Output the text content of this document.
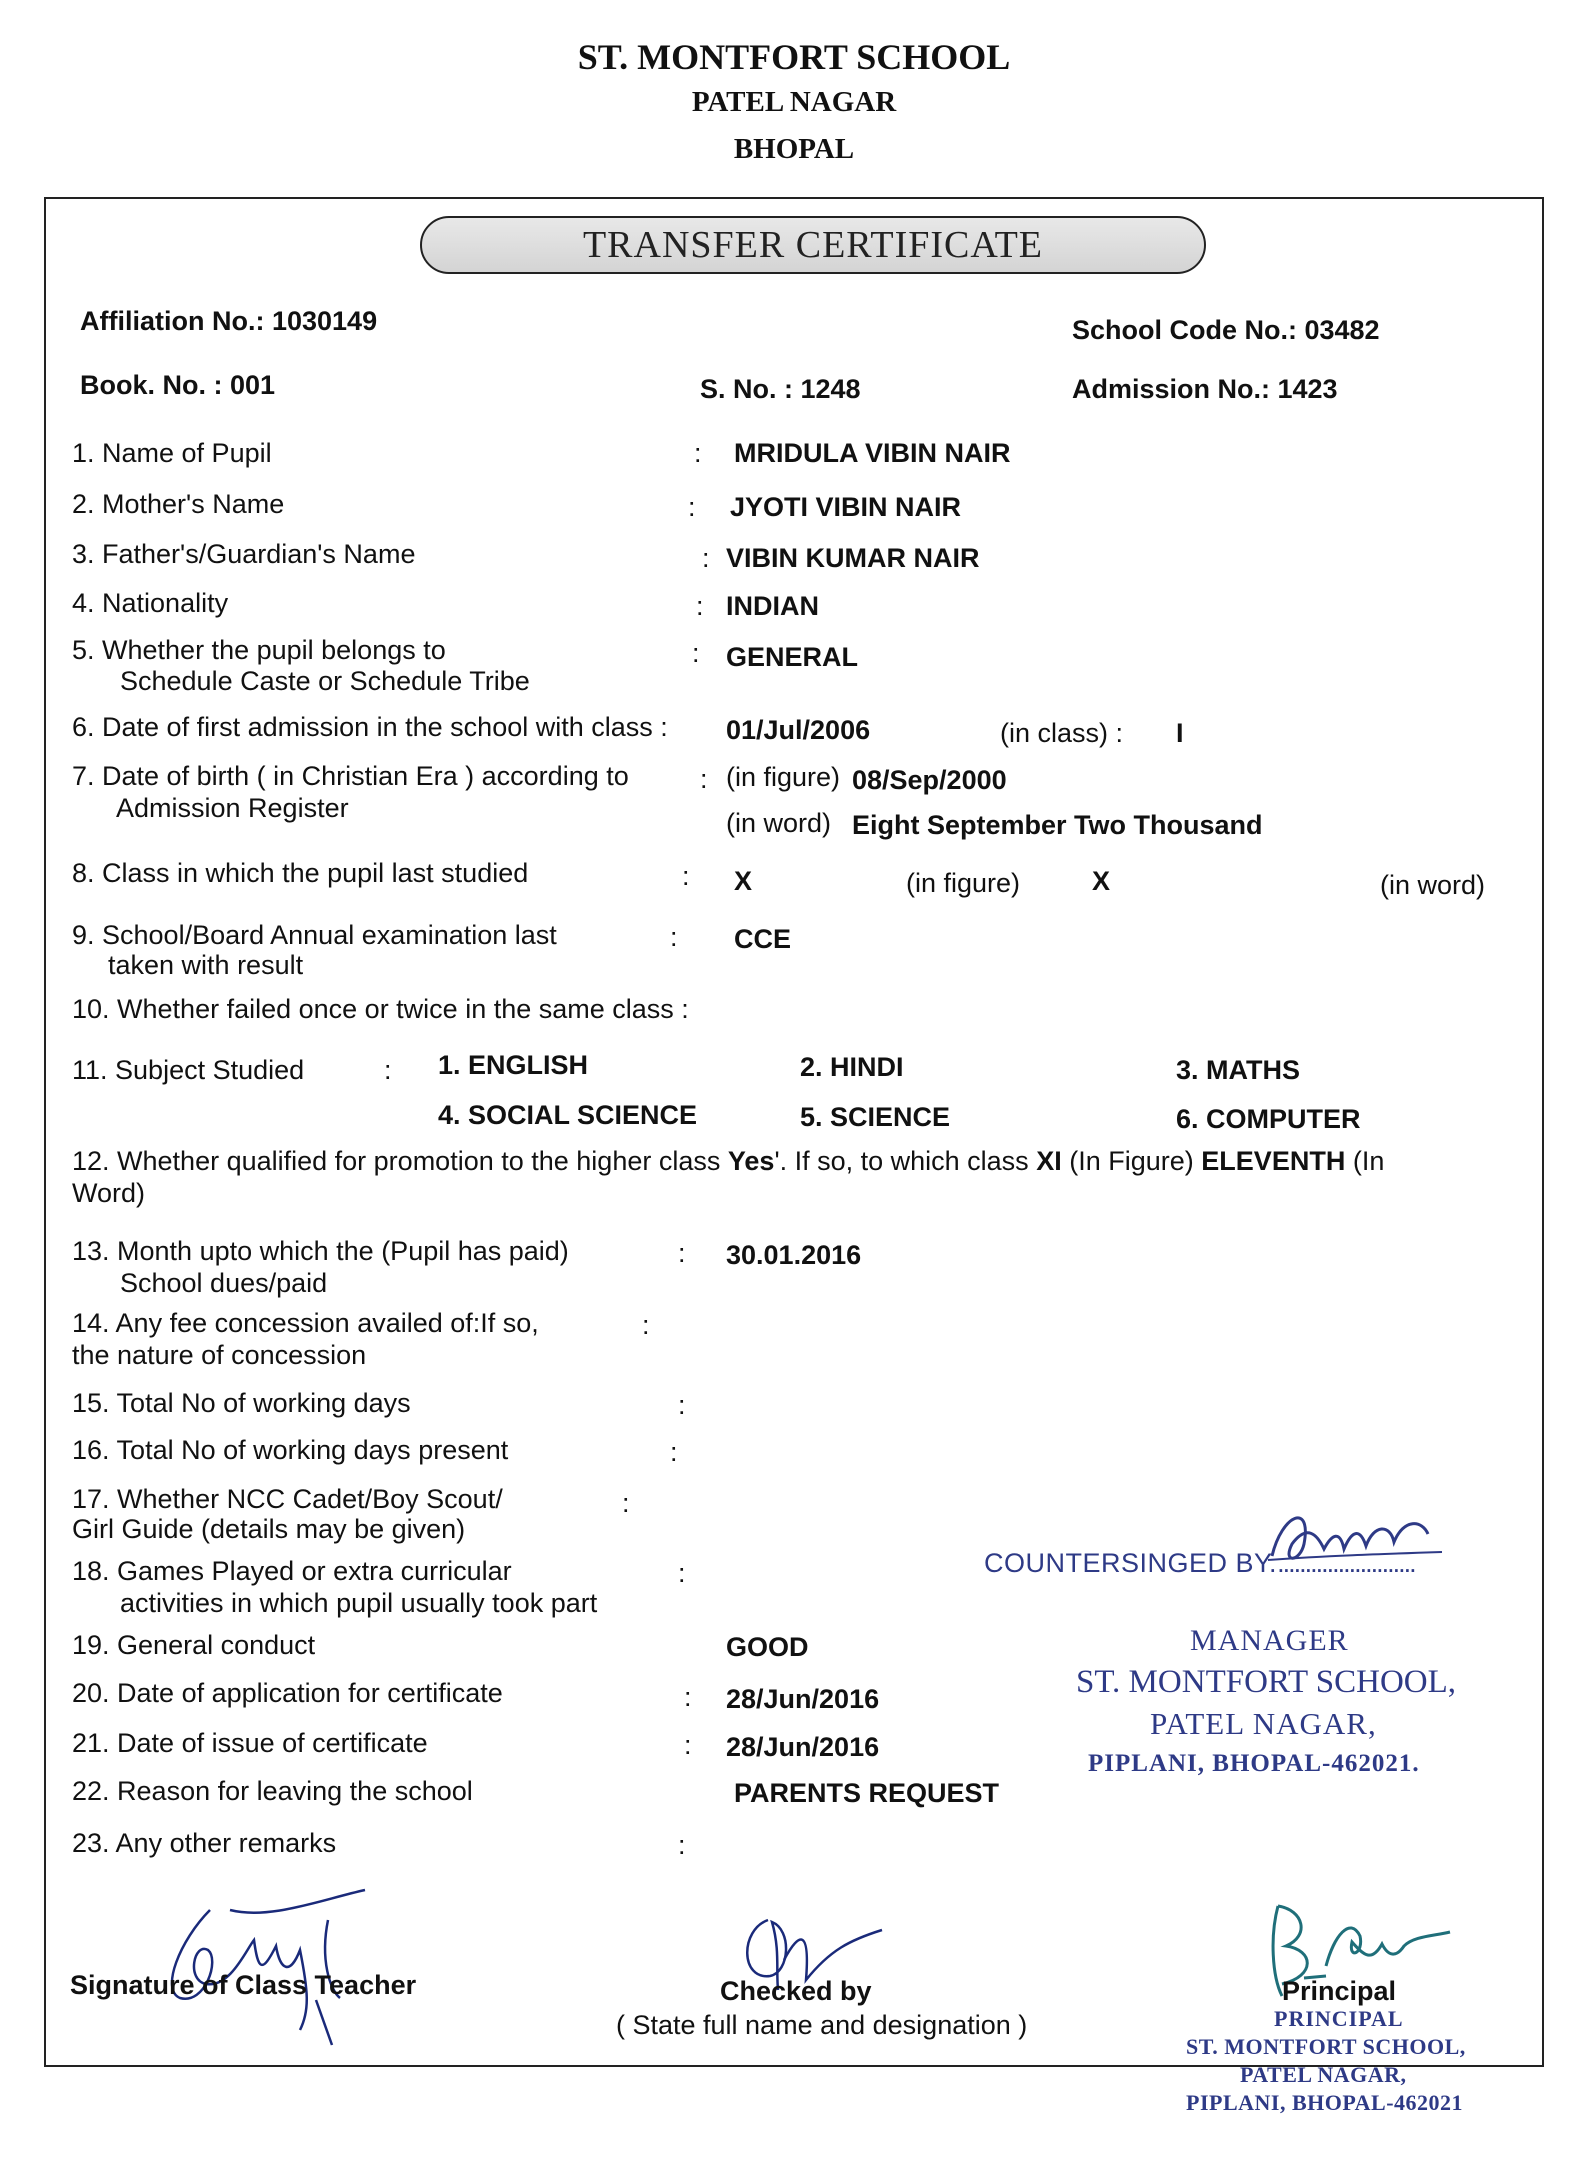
ST. MONTFORT SCHOOL
PATEL NAGAR
BHOPAL
TRANSFER CERTIFICATE
Affiliation No.: 1030149	School Code No.: 03482
Book. No. : 001	S. No. : 1248	Admission No.: 1423
1. Name of Pupil	: MRIDULA VIBIN NAIR
2. Mother's Name	: JYOTI VIBIN NAIR
3. Father's/Guardian's Name	: VIBIN KUMAR NAIR
4. Nationality	: INDIAN
5. Whether the pupil belongs to
Schedule Caste or Schedule Tribe
: GENERAL
6. Date of first admission in the school with class : 01/Jul/2006	(in class) : I
7. Date of birth ( in Christian Era ) according to
Admission Register
: (in figure) 08/Sep/2000
(in word) Eight September Two Thousand
8. Class in which the pupil last studied	: X	(in figure)	X	(in word)
9. School/Board Annual examination last
taken with result
: CCE
10. Whether failed once or twice in the same class :
11. Subject Studied	: 1. ENGLISH	2. HINDI	3. MATHS
4. SOCIAL SCIENCE	5. SCIENCE	6. COMPUTER
12. Whether qualified for promotion to the higher class Yes'. If so, to which class XI (In Figure) ELEVENTH (In
Word)
13. Month upto which the (Pupil has paid)
School dues/paid
: 30.01.2016
14. Any fee concession availed of:If so,
the nature of concession
:
15. Total No of working days	:
16. Total No of working days present	:
17. Whether NCC Cadet/Boy Scout/
Girl Guide (details may be given)
:
18. Games Played or extra curricular
activities in which pupil usually took part
:
19. General conduct	GOOD
20. Date of application for certificate	: 28/Jun/2016
21. Date of issue of certificate	: 28/Jun/2016
22. Reason for leaving the school	PARENTS REQUEST
23. Any other remarks	:
COUNTERSINGED BY..........................
MANAGER
ST. MONTFORT SCHOOL,
PATEL NAGAR,
PIPLANI, BHOPAL-462021.
Signature of Class Teacher	Checked by
( State full name and designation )
Principal
PRINCIPAL
ST. MONTFORT SCHOOL,
PATEL NAGAR,
PIPLANI, BHOPAL-462021
